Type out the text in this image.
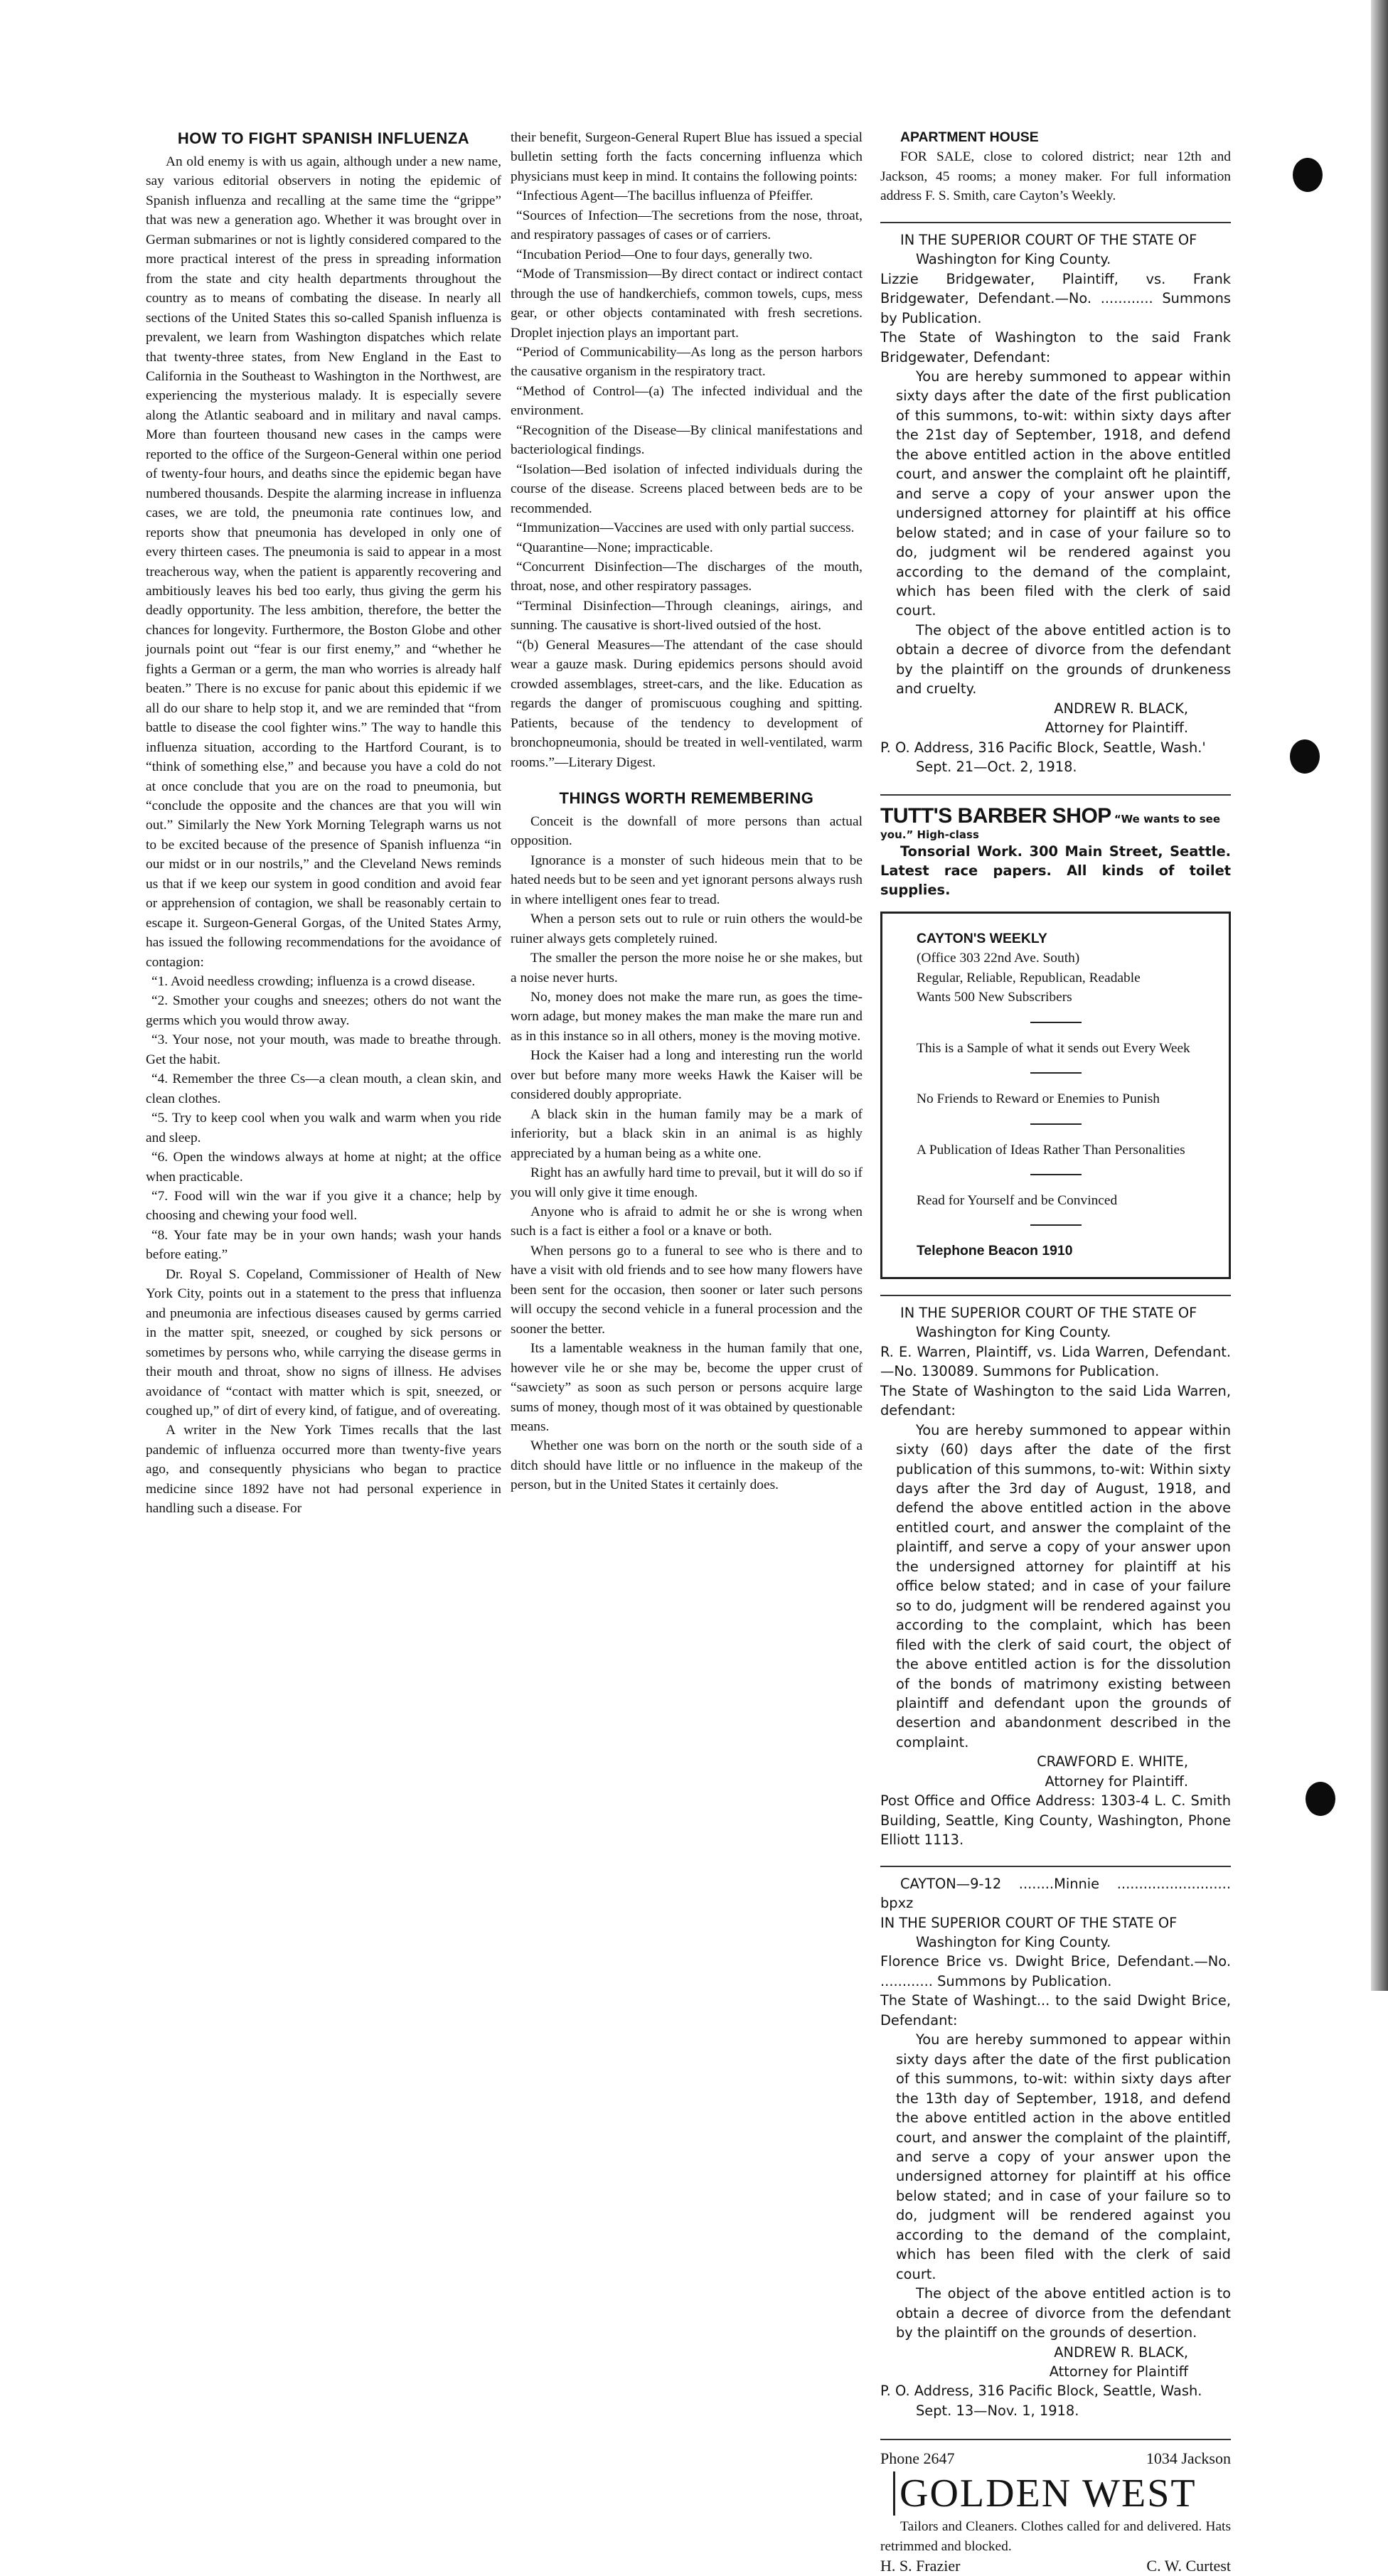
HOW TO FIGHT SPANISH INFLUENZA

An old enemy is with us again, although under a new name, say various editorial observers in noting the epidemic of Spanish influenza and recalling at the same time the “grippe” that was new a generation ago. Whether it was brought over in German submarines or not is lightly considered compared to the more practical interest of the press in spreading information from the state and city health departments throughout the country as to means of combating the disease. In nearly all sections of the United States this so-called Spanish influenza is prevalent, we learn from Washington dispatches which relate that twenty-three states, from New England in the East to California in the Southeast to Washington in the Northwest, are experiencing the mysterious malady. It is especially severe along the Atlantic seaboard and in military and naval camps. More than fourteen thousand new cases in the camps were reported to the office of the Surgeon-General within one period of twenty-four hours, and deaths since the epidemic began have numbered thousands. Despite the alarming increase in influenza cases, we are told, the pneumonia rate continues low, and reports show that pneumonia has developed in only one of every thirteen cases. The pneumonia is said to appear in a most treacherous way, when the patient is apparently recovering and ambitiously leaves his bed too early, thus giving the germ his deadly opportunity. The less ambition, therefore, the better the chances for longevity. Furthermore, the Boston Globe and other journals point out “fear is our first enemy,” and “whether he fights a German or a germ, the man who worries is already half beaten.” There is no excuse for panic about this epidemic if we all do our share to help stop it, and we are reminded that “from battle to disease the cool fighter wins.” The way to handle this influenza situation, according to the Hartford Courant, is to “think of something else,” and because you have a cold do not at once conclude that you are on the road to pneumonia, but “conclude the opposite and the chances are that you will win out.” Similarly the New York Morning Telegraph warns us not to be excited because of the presence of Spanish influenza “in our midst or in our nostrils,” and the Cleveland News reminds us that if we keep our system in good condition and avoid fear or apprehension of contagion, we shall be reasonably certain to escape it. Surgeon-General Gorgas, of the United States Army, has issued the following recommendations for the avoidance of contagion:

“1. Avoid needless crowding; influenza is a crowd disease.

“2. Smother your coughs and sneezes; others do not want the germs which you would throw away.

“3. Your nose, not your mouth, was made to breathe through. Get the habit.

“4. Remember the three Cs—a clean mouth, a clean skin, and clean clothes.

“5. Try to keep cool when you walk and warm when you ride and sleep.

“6. Open the windows always at home at night; at the office when practicable.

“7. Food will win the war if you give it a chance; help by choosing and chewing your food well.

“8. Your fate may be in your own hands; wash your hands before eating.”

Dr. Royal S. Copeland, Commissioner of Health of New York City, points out in a statement to the press that influenza and pneumonia are infectious diseases caused by germs carried in the matter spit, sneezed, or coughed by sick persons or sometimes by persons who, while carrying the disease germs in their mouth and throat, show no signs of illness. He advises avoidance of “contact with matter which is spit, sneezed, or coughed up,” of dirt of every kind, of fatigue, and of overeating.

A writer in the New York Times recalls that the last pandemic of influenza occurred more than twenty-five years ago, and consequently physicians who began to practice medicine since 1892 have not had personal experience in handling such a disease. For

their benefit, Surgeon-General Rupert Blue has issued a special bulletin setting forth the facts concerning influenza which physicians must keep in mind. It contains the following points:

“Infectious Agent—The bacillus influenza of Pfeiffer.

“Sources of Infection—The secretions from the nose, throat, and respiratory passages of cases or of carriers.

“Incubation Period—One to four days, generally two.

“Mode of Transmission—By direct contact or indirect contact through the use of handkerchiefs, common towels, cups, mess gear, or other objects contaminated with fresh secretions. Droplet injection plays an important part.

“Period of Communicability—As long as the person harbors the causative organism in the respiratory tract.

“Method of Control—(a) The infected individual and the environment.

“Recognition of the Disease—By clinical manifestations and bacteriological findings.

“Isolation—Bed isolation of infected individuals during the course of the disease. Screens placed between beds are to be recommended.

“Immunization—Vaccines are used with only partial success.

“Quarantine—None; impracticable.

“Concurrent Disinfection—The discharges of the mouth, throat, nose, and other respiratory passages.

“Terminal Disinfection—Through cleanings, airings, and sunning. The causative is short-lived outsied of the host.

“(b) General Measures—The attendant of the case should wear a gauze mask. During epidemics persons should avoid crowded assemblages, street-cars, and the like. Education as regards the danger of promiscuous coughing and spitting. Patients, because of the tendency to development of bronchopneumonia, should be treated in well-ventilated, warm rooms.”—Literary Digest.

THINGS WORTH REMEMBERING

Conceit is the downfall of more persons than actual opposition.

Ignorance is a monster of such hideous mein that to be hated needs but to be seen and yet ignorant persons always rush in where intelligent ones fear to tread.

When a person sets out to rule or ruin others the would-be ruiner always gets completely ruined.

The smaller the person the more noise he or she makes, but a noise never hurts.

No, money does not make the mare run, as goes the time-worn adage, but money makes the man make the mare run and as in this instance so in all others, money is the moving motive.

Hock the Kaiser had a long and interesting run the world over but before many more weeks Hawk the Kaiser will be considered doubly appropriate.

A black skin in the human family may be a mark of inferiority, but a black skin in an animal is as highly appreciated by a human being as a white one.

Right has an awfully hard time to prevail, but it will do so if you will only give it time enough.

Anyone who is afraid to admit he or she is wrong when such is a fact is either a fool or a knave or both.

When persons go to a funeral to see who is there and to have a visit with old friends and to see how many flowers have been sent for the occasion, then sooner or later such persons will occupy the second vehicle in a funeral procession and the sooner the better.

Its a lamentable weakness in the human family that one, however vile he or she may be, become the upper crust of “sawciety” as soon as such person or persons acquire large sums of money, though most of it was obtained by questionable means.

Whether one was born on the north or the south side of a ditch should have little or no influence in the makeup of the person, but in the United States it certainly does.

APARTMENT HOUSE

FOR SALE, close to colored district; near 12th and Jackson, 45 rooms; a money maker. For full information address F. S. Smith, care Cayton’s Weekly.

IN THE SUPERIOR COURT OF THE STATE OF

Washington for King County.
Lizzie Bridgewater, Plaintiff, vs. Frank Bridgewater, Defendant.—No. ............ Summons by Publication.
The State of Washington to the said Frank Bridgewater, Defendant:

You are hereby summoned to appear within sixty days after the date of the first publication of this summons, to-wit: within sixty days after the 21st day of September, 1918, and defend the above entitled action in the above entitled court, and answer the complaint oft he plaintiff, and serve a copy of your answer upon the undersigned attorney for plaintiff at his office below stated; and in case of your failure so to do, judgment wil be rendered against you according to the demand of the complaint, which has been filed with the clerk of said court.
The object of the above entitled action is to obtain a decree of divorce from the defendant by the plaintiff on the grounds of drunkeness and cruelty.
ANDREW R. BLACK,
Attorney for Plaintiff.
P. O. Address, 316 Pacific Block, Seattle, Wash.'

Sept. 21—Oct. 2, 1918.

TUTT'S BARBER SHOP “We wants to see you.” High-class

Tonsorial Work. 300 Main Street, Seattle. Latest race papers. All kinds of toilet supplies.

CAYTON'S WEEKLY

(Office 303 22nd Ave. South)

Regular, Reliable, Republican, Readable

Wants 500 New Subscribers

This is a Sample of what it sends out Every Week

No Friends to Reward or Enemies to Punish

A Publication of Ideas Rather Than Personalities

Read for Yourself and be Convinced

Telephone Beacon 1910

IN THE SUPERIOR COURT OF THE STATE OF

Washington for King County.
R. E. Warren, Plaintiff, vs. Lida Warren, Defendant.—No. 130089. Summons for Publication.
The State of Washington to the said Lida Warren, defendant:

You are hereby summoned to appear within sixty (60) days after the date of the first publication of this summons, to-wit: Within sixty days after the 3rd day of August, 1918, and defend the above entitled action in the above entitled court, and answer the complaint of the plaintiff, and serve a copy of your answer upon the undersigned attorney for plaintiff at his office below stated; and in case of your failure so to do, judgment will be rendered against you according to the complaint, which has been filed with the clerk of said court, the object of the above entitled action is for the dissolution of the bonds of matrimony existing between plaintiff and defendant upon the grounds of desertion and abandonment described in the complaint.
CRAWFORD E. WHITE,
Attorney for Plaintiff.
Post Office and Office Address: 1303-4 L. C. Smith Building, Seattle, King County, Washington, Phone Elliott 1113.

CAYTON—9-12 ........Minnie .......................... bpxz
IN THE SUPERIOR COURT OF THE STATE OF

Washington for King County.
Florence Brice vs. Dwight Brice, Defendant.—No. ............ Summons by Publication.
The State of Washingt... to the said Dwight Brice, Defendant:

You are hereby summoned to appear within sixty days after the date of the first publication of this summons, to-wit: within sixty days after the 13th day of September, 1918, and defend the above entitled action in the above entitled court, and answer the complaint of the plaintiff, and serve a copy of your answer upon the undersigned attorney for plaintiff at his office below stated; and in case of your failure so to do, judgment will be rendered against you according to the demand of the complaint, which has been filed with the clerk of said court.
The object of the above entitled action is to obtain a decree of divorce from the defendant by the plaintiff on the grounds of desertion.
ANDREW R. BLACK,
Attorney for Plaintiff
P. O. Address, 316 Pacific Block, Seattle, Wash.

Sept. 13—Nov. 1, 1918.

Phone 2647	1034 Jackson
GOLDEN WEST

Tailors and Cleaners. Clothes called for and delivered. Hats retrimmed and blocked.

H. S. Frazier	C. W. Curtest
